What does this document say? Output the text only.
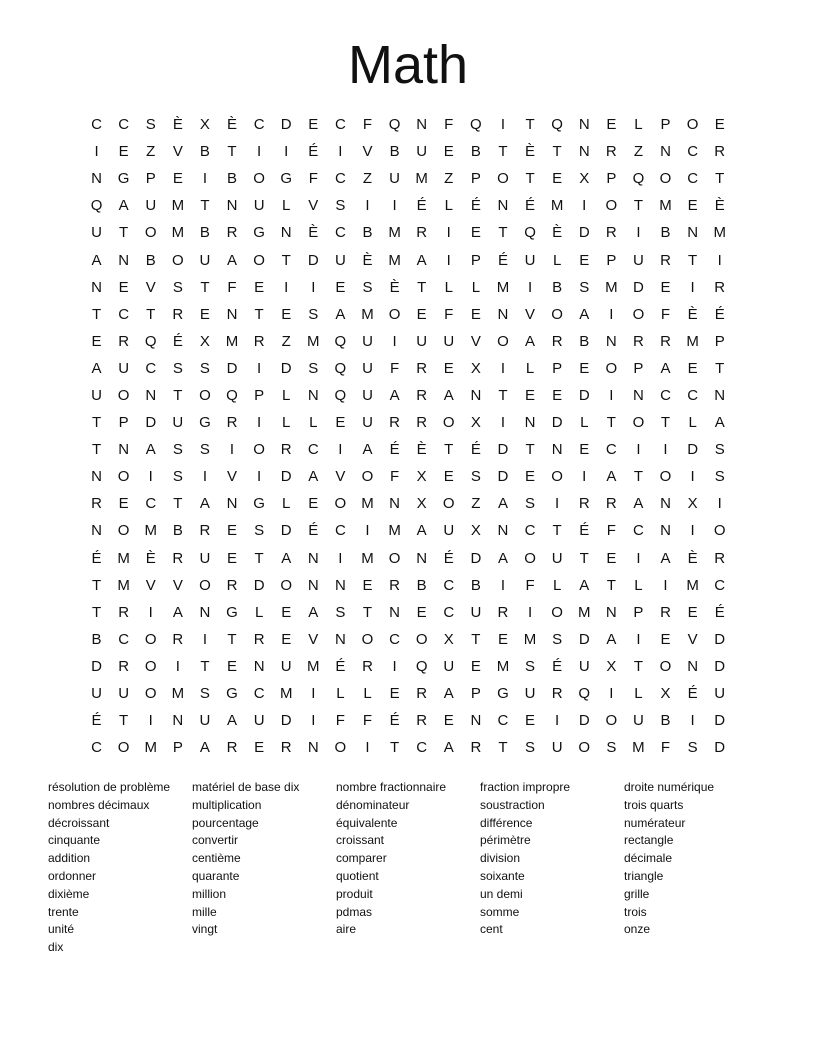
Math
C	C	S	È	X	È	C	D	E	C	F	Q	N	F	Q	I	T	Q	N	E	L	P	O	E
I	E	Z	V	B	T	I	I	É	I	V	B	U	E	B	T	È	T	N	R	Z	N	C	R
N	G	P	E	I	B	O	G	F	C	Z	U	M	Z	P	O	T	E	X	P	Q	O	C	T
Q	A	U	M	T	N	U	L	V	S	I	I	É	L	É	N	É	M	I	O	T	M	E	È
U	T	O	M	B	R	G	N	È	C	B	M	R	I	E	T	Q	È	D	R	I	B	N	M
A	N	B	O	U	A	O	T	D	U	È	M	A	I	P	É	U	L	E	P	U	R	T	I
N	E	V	S	T	F	E	I	I	E	S	È	T	L	L	M	I	B	S	M	D	E	I	R
T	C	T	R	E	N	T	E	S	A	M	O	E	F	E	N	V	O	A	I	O	F	È	É
E	R	Q	É	X	M	R	Z	M	Q	U	I	U	U	V	O	A	R	B	N	R	R	M	P
A	U	C	S	S	D	I	D	S	Q	U	F	R	E	X	I	L	P	E	O	P	A	E	T
U	O	N	T	O	Q	P	L	N	Q	U	A	R	A	N	T	E	E	D	I	N	C	C	N
T	P	D	U	G	R	I	L	L	E	U	R	R	O	X	I	N	D	L	T	O	T	L	A
T	N	A	S	S	I	O	R	C	I	A	É	È	T	É	D	T	N	E	C	I	I	D	S
N	O	I	S	I	V	I	D	A	V	O	F	X	E	S	D	E	O	I	A	T	O	I	S
R	E	C	T	A	N	G	L	E	O	M	N	X	O	Z	A	S	I	R	R	A	N	X	I
N	O	M	B	R	E	S	D	É	C	I	M	A	U	X	N	C	T	É	F	C	N	I	O
É	M	È	R	U	E	T	A	N	I	M	O	N	É	D	A	O	U	T	E	I	A	È	R
T	M	V	V	O	R	D	O	N	N	E	R	B	C	B	I	F	L	A	T	L	I	M	C
T	R	I	A	N	G	L	E	A	S	T	N	E	C	U	R	I	O	M	N	P	R	E	É
B	C	O	R	I	T	R	E	V	N	O	C	O	X	T	E	M	S	D	A	I	E	V	D
D	R	O	I	T	E	N	U	M	É	R	I	Q	U	E	M	S	É	U	X	T	O	N	D
U	U	O	M	S	G	C	M	I	L	L	E	R	A	P	G	U	R	Q	I	L	X	É	U
É	T	I	N	U	A	U	D	I	F	F	É	R	E	N	C	E	I	D	O	U	B	I	D
C	O	M	P	A	R	E	R	N	O	I	T	C	A	R	T	S	U	O	S	M	F	S	D
résolution de problème
nombres décimaux
décroissant
cinquante
addition
ordonner
dixième
trente
unité
dix
matériel de base dix
multiplication
pourcentage
convertir
centième
quarante
million
mille
vingt
nombre fractionnaire
dénominateur
équivalente
croissant
comparer
quotient
produit
pdmas
aire
fraction impropre
soustraction
différence
périmètre
division
soixante
un demi
somme
cent
droite numérique
trois quarts
numérateur
rectangle
décimale
triangle
grille
trois
onze
